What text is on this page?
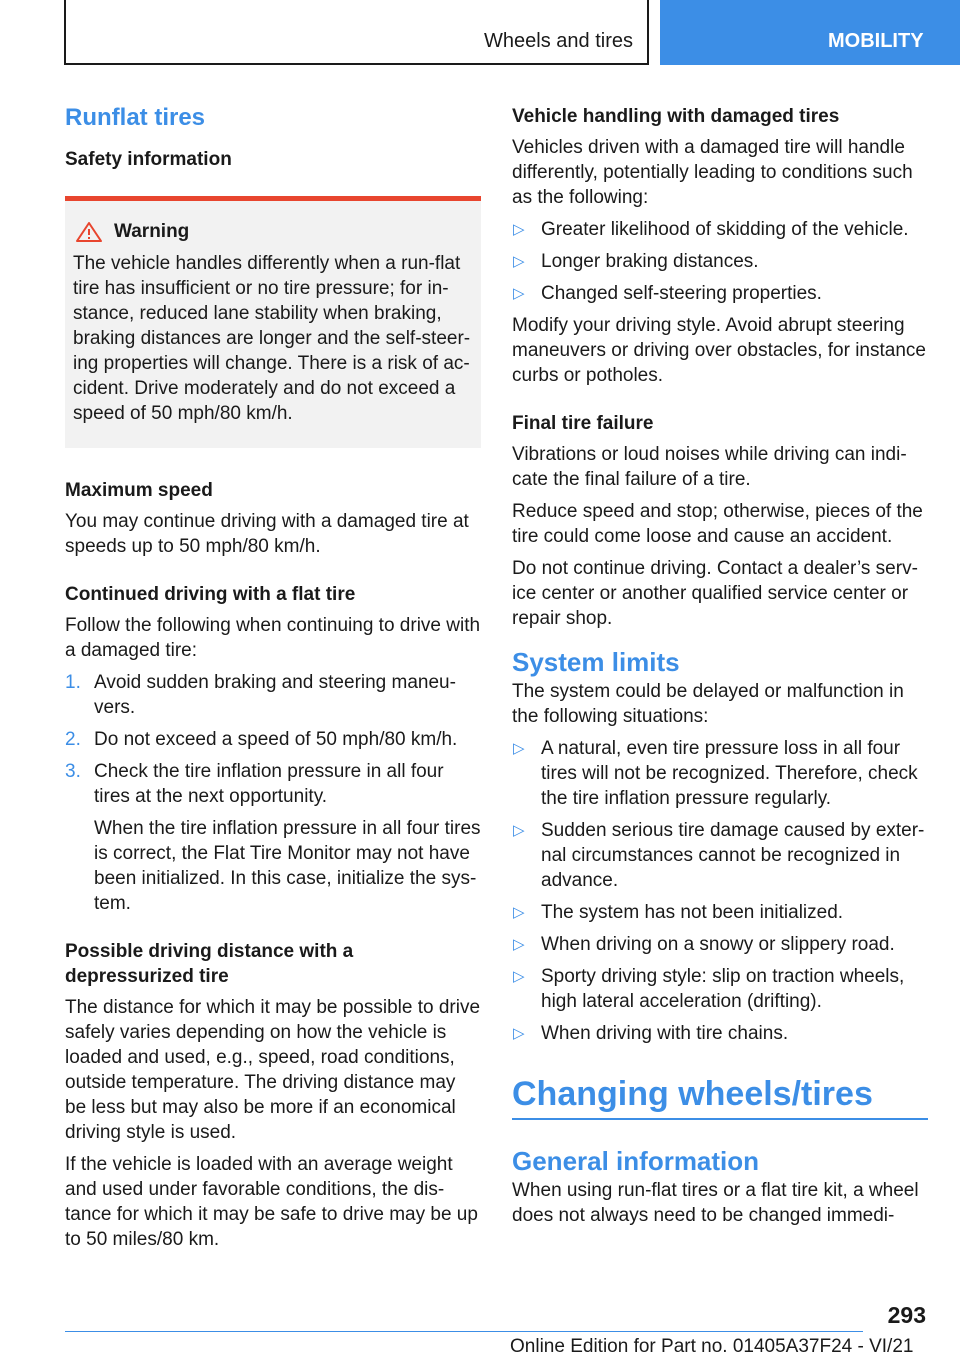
Wheels and tires	MOBILITY
Runflat tires
Safety information
Warning
The vehicle handles differently when a run-flat tire has insufficient or no tire pressure; for in-stance, reduced lane stability when braking, braking distances are longer and the self-steer-ing properties will change. There is a risk of ac-cident. Drive moderately and do not exceed a speed of 50 mph/80 km/h.
Maximum speed

You may continue driving with a damaged tire at speeds up to 50 mph/80 km/h.

Continued driving with a flat tire

Follow the following when continuing to drive with a damaged tire:

1. Avoid sudden braking and steering maneu-vers.
2. Do not exceed a speed of 50 mph/80 km/h.
3. Check the tire inflation pressure in all four tires at the next opportunity.
When the tire inflation pressure in all four tires is correct, the Flat Tire Monitor may not have been initialized. In this case, initialize the sys-tem.
Possible driving distance with a depressurized tire

The distance for which it may be possible to drive safely varies depending on how the vehicle is loaded and used, e.g., speed, road conditions, outside temperature. The driving distance may be less but may also be more if an economical driving style is used.

If the vehicle is loaded with an average weight and used under favorable conditions, the dis-tance for which it may be safe to drive may be up to 50 miles/80 km.

Vehicle handling with damaged tires

Vehicles driven with a damaged tire will handle differently, potentially leading to conditions such as the following:

▷ Greater likelihood of skidding of the vehicle.
▷ Longer braking distances.
▷ Changed self-steering properties.

Modify your driving style. Avoid abrupt steering maneuvers or driving over obstacles, for instance curbs or potholes.

Final tire failure

Vibrations or loud noises while driving can indi-cate the final failure of a tire.

Reduce speed and stop; otherwise, pieces of the tire could come loose and cause an accident.

Do not continue driving. Contact a dealer’s serv-ice center or another qualified service center or repair shop.

System limits

The system could be delayed or malfunction in the following situations:

▷ A natural, even tire pressure loss in all four tires will not be recognized. Therefore, check the tire inflation pressure regularly.
▷ Sudden serious tire damage caused by exter-nal circumstances cannot be recognized in advance.
▷ The system has not been initialized.
▷ When driving on a snowy or slippery road.
▷ Sporty driving style: slip on traction wheels, high lateral acceleration (drifting).
▷ When driving with tire chains.
Changing wheels/tires
General information

When using run-flat tires or a flat tire kit, a wheel does not always need to be changed immedi-

293
Online Edition for Part no. 01405A37F24 - VI/21
